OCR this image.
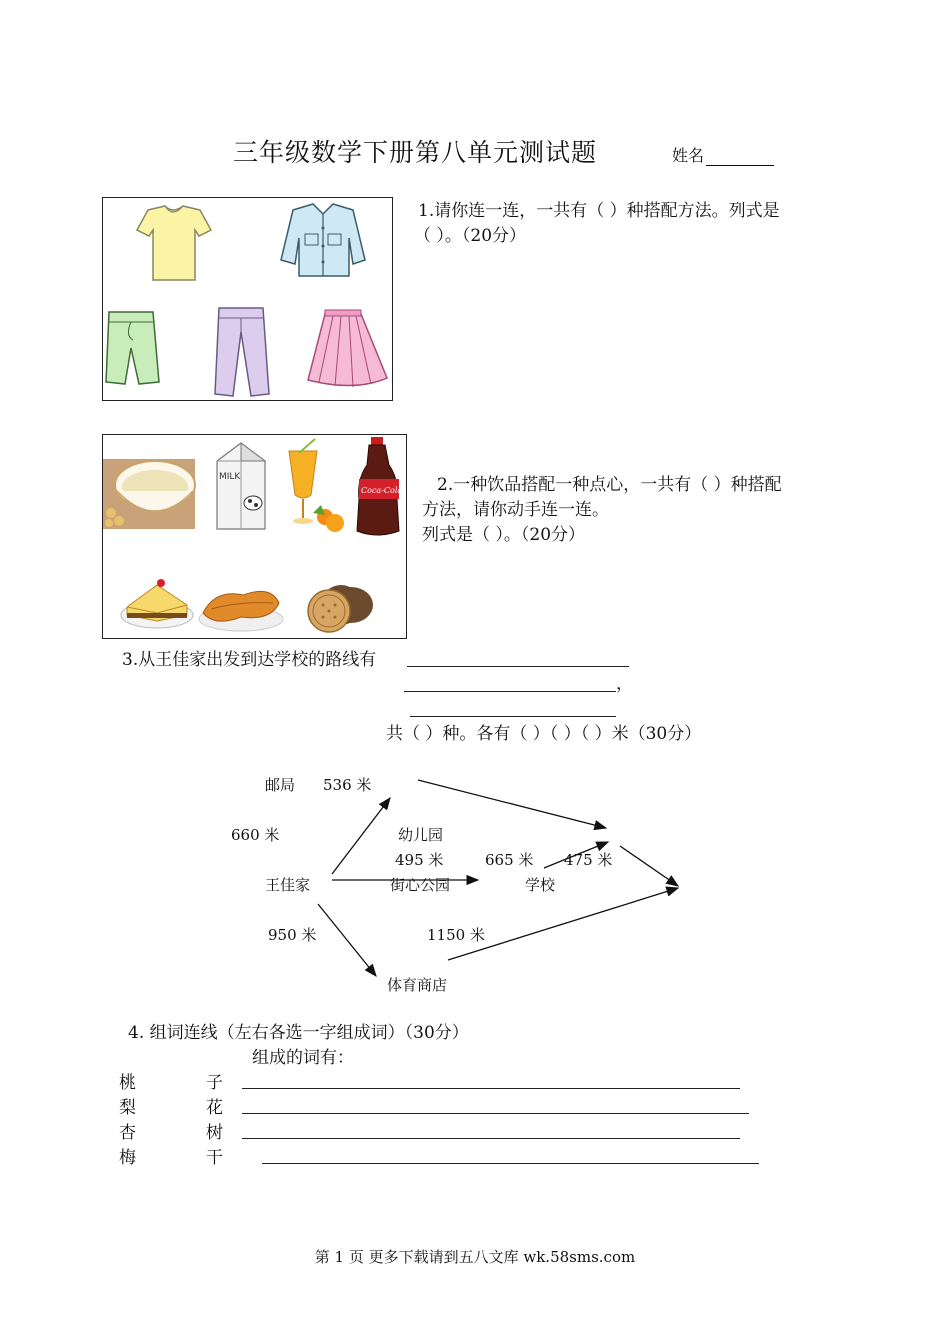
三年级数学下册第八单元测试题	姓名
1.请你连一连，一共有（ ）种搭配方法。列式是
（ ）。（20分）
MILK
Coca-Cola 2.一种饮品搭配一种点心，一共有（ ）种搭配
方法，请你动手连一连。
列式是（ ）。（20分）
3.从王佳家出发到达学校的路线有
，
共（ ）种。各有（ ）（ ）（ ）米（30分）
邮局 536 米
660 米	幼儿园
495 米	665 米 475 米
王佳家	街心公园	学校
950 米	1150 米
体育商店
4. 组词连线（左右各选一字组成词）（30分）
组成的词有：
桃	子
梨	花
杏	树
梅	干
第 1 页 更多下载请到五八文库 wk.58sms.com
